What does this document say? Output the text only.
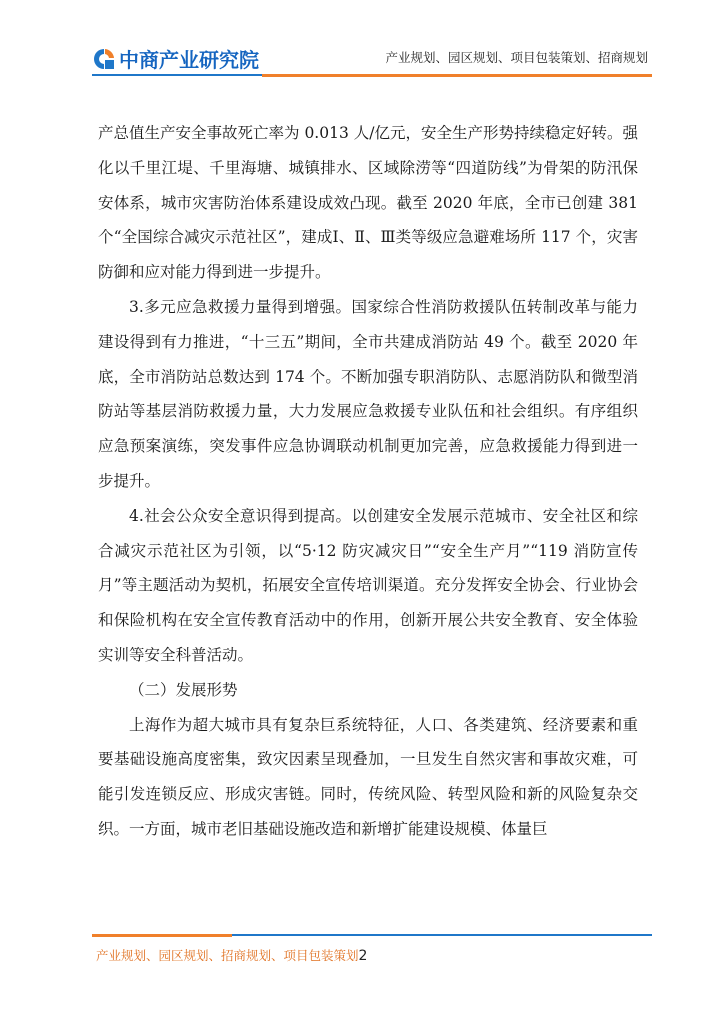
中商产业研究院	产业规划、园区规划、项目包装策划、招商规划

产总值生产安全事故死亡率为 0.013 人/亿元，安全生产形势持续稳定好转。强化以千里江堤、千里海塘、城镇排水、区域除涝等“四道防线”为骨架的防汛保安体系，城市灾害防治体系建设成效凸现。截至 2020 年底，全市已创建 381 个“全国综合减灾示范社区”，建成Ⅰ、Ⅱ、Ⅲ类等级应急避难场所 117 个，灾害防御和应对能力得到进一步提升。

3.多元应急救援力量得到增强。国家综合性消防救援队伍转制改革与能力建设得到有力推进，“十三五”期间，全市共建成消防站 49 个。截至 2020 年底，全市消防站总数达到 174 个。不断加强专职消防队、志愿消防队和微型消防站等基层消防救援力量，大力发展应急救援专业队伍和社会组织。有序组织应急预案演练，突发事件应急协调联动机制更加完善，应急救援能力得到进一步提升。

4.社会公众安全意识得到提高。以创建安全发展示范城市、安全社区和综合减灾示范社区为引领，以“5·12 防灾减灾日”“安全生产月”“119 消防宣传月”等主题活动为契机，拓展安全宣传培训渠道。充分发挥安全协会、行业协会和保险机构在安全宣传教育活动中的作用，创新开展公共安全教育、安全体验实训等安全科普活动。

（二）发展形势

上海作为超大城市具有复杂巨系统特征，人口、各类建筑、经济要素和重要基础设施高度密集，致灾因素呈现叠加，一旦发生自然灾害和事故灾难，可能引发连锁反应、形成灾害链。同时，传统风险、转型风险和新的风险复杂交织。一方面，城市老旧基础设施改造和新增扩能建设规模、体量巨

产业规划、园区规划、招商规划、项目包装策划2
